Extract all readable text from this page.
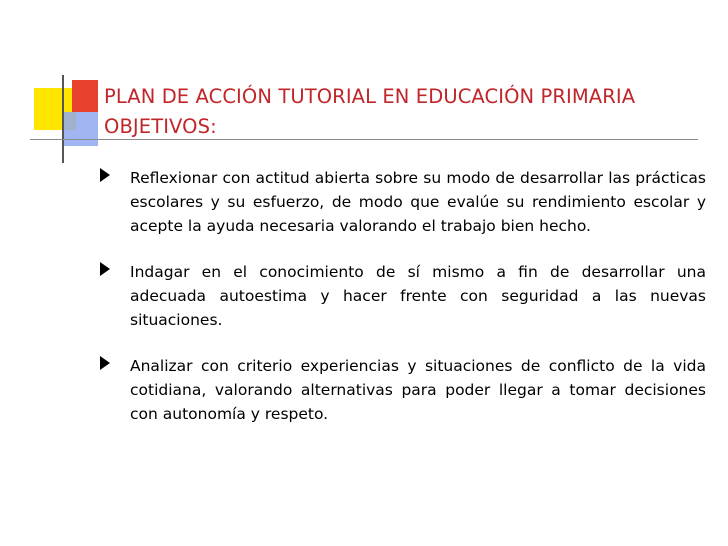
PLAN DE ACCIÓN TUTORIAL EN EDUCACIÓN PRIMARIA
OBJETIVOS:
Reflexionar con actitud abierta sobre su modo de desarrollar las prácticas escolares y su esfuerzo, de modo que evalúe su rendimiento escolar y acepte la ayuda necesaria valorando el trabajo bien hecho.
Indagar en el conocimiento de sí mismo a fin de desarrollar una adecuada autoestima y hacer frente con seguridad a las nuevas situaciones.
Analizar con criterio experiencias y situaciones de conflicto de la vida cotidiana, valorando alternativas para poder llegar a tomar decisiones con autonomía y respeto.
